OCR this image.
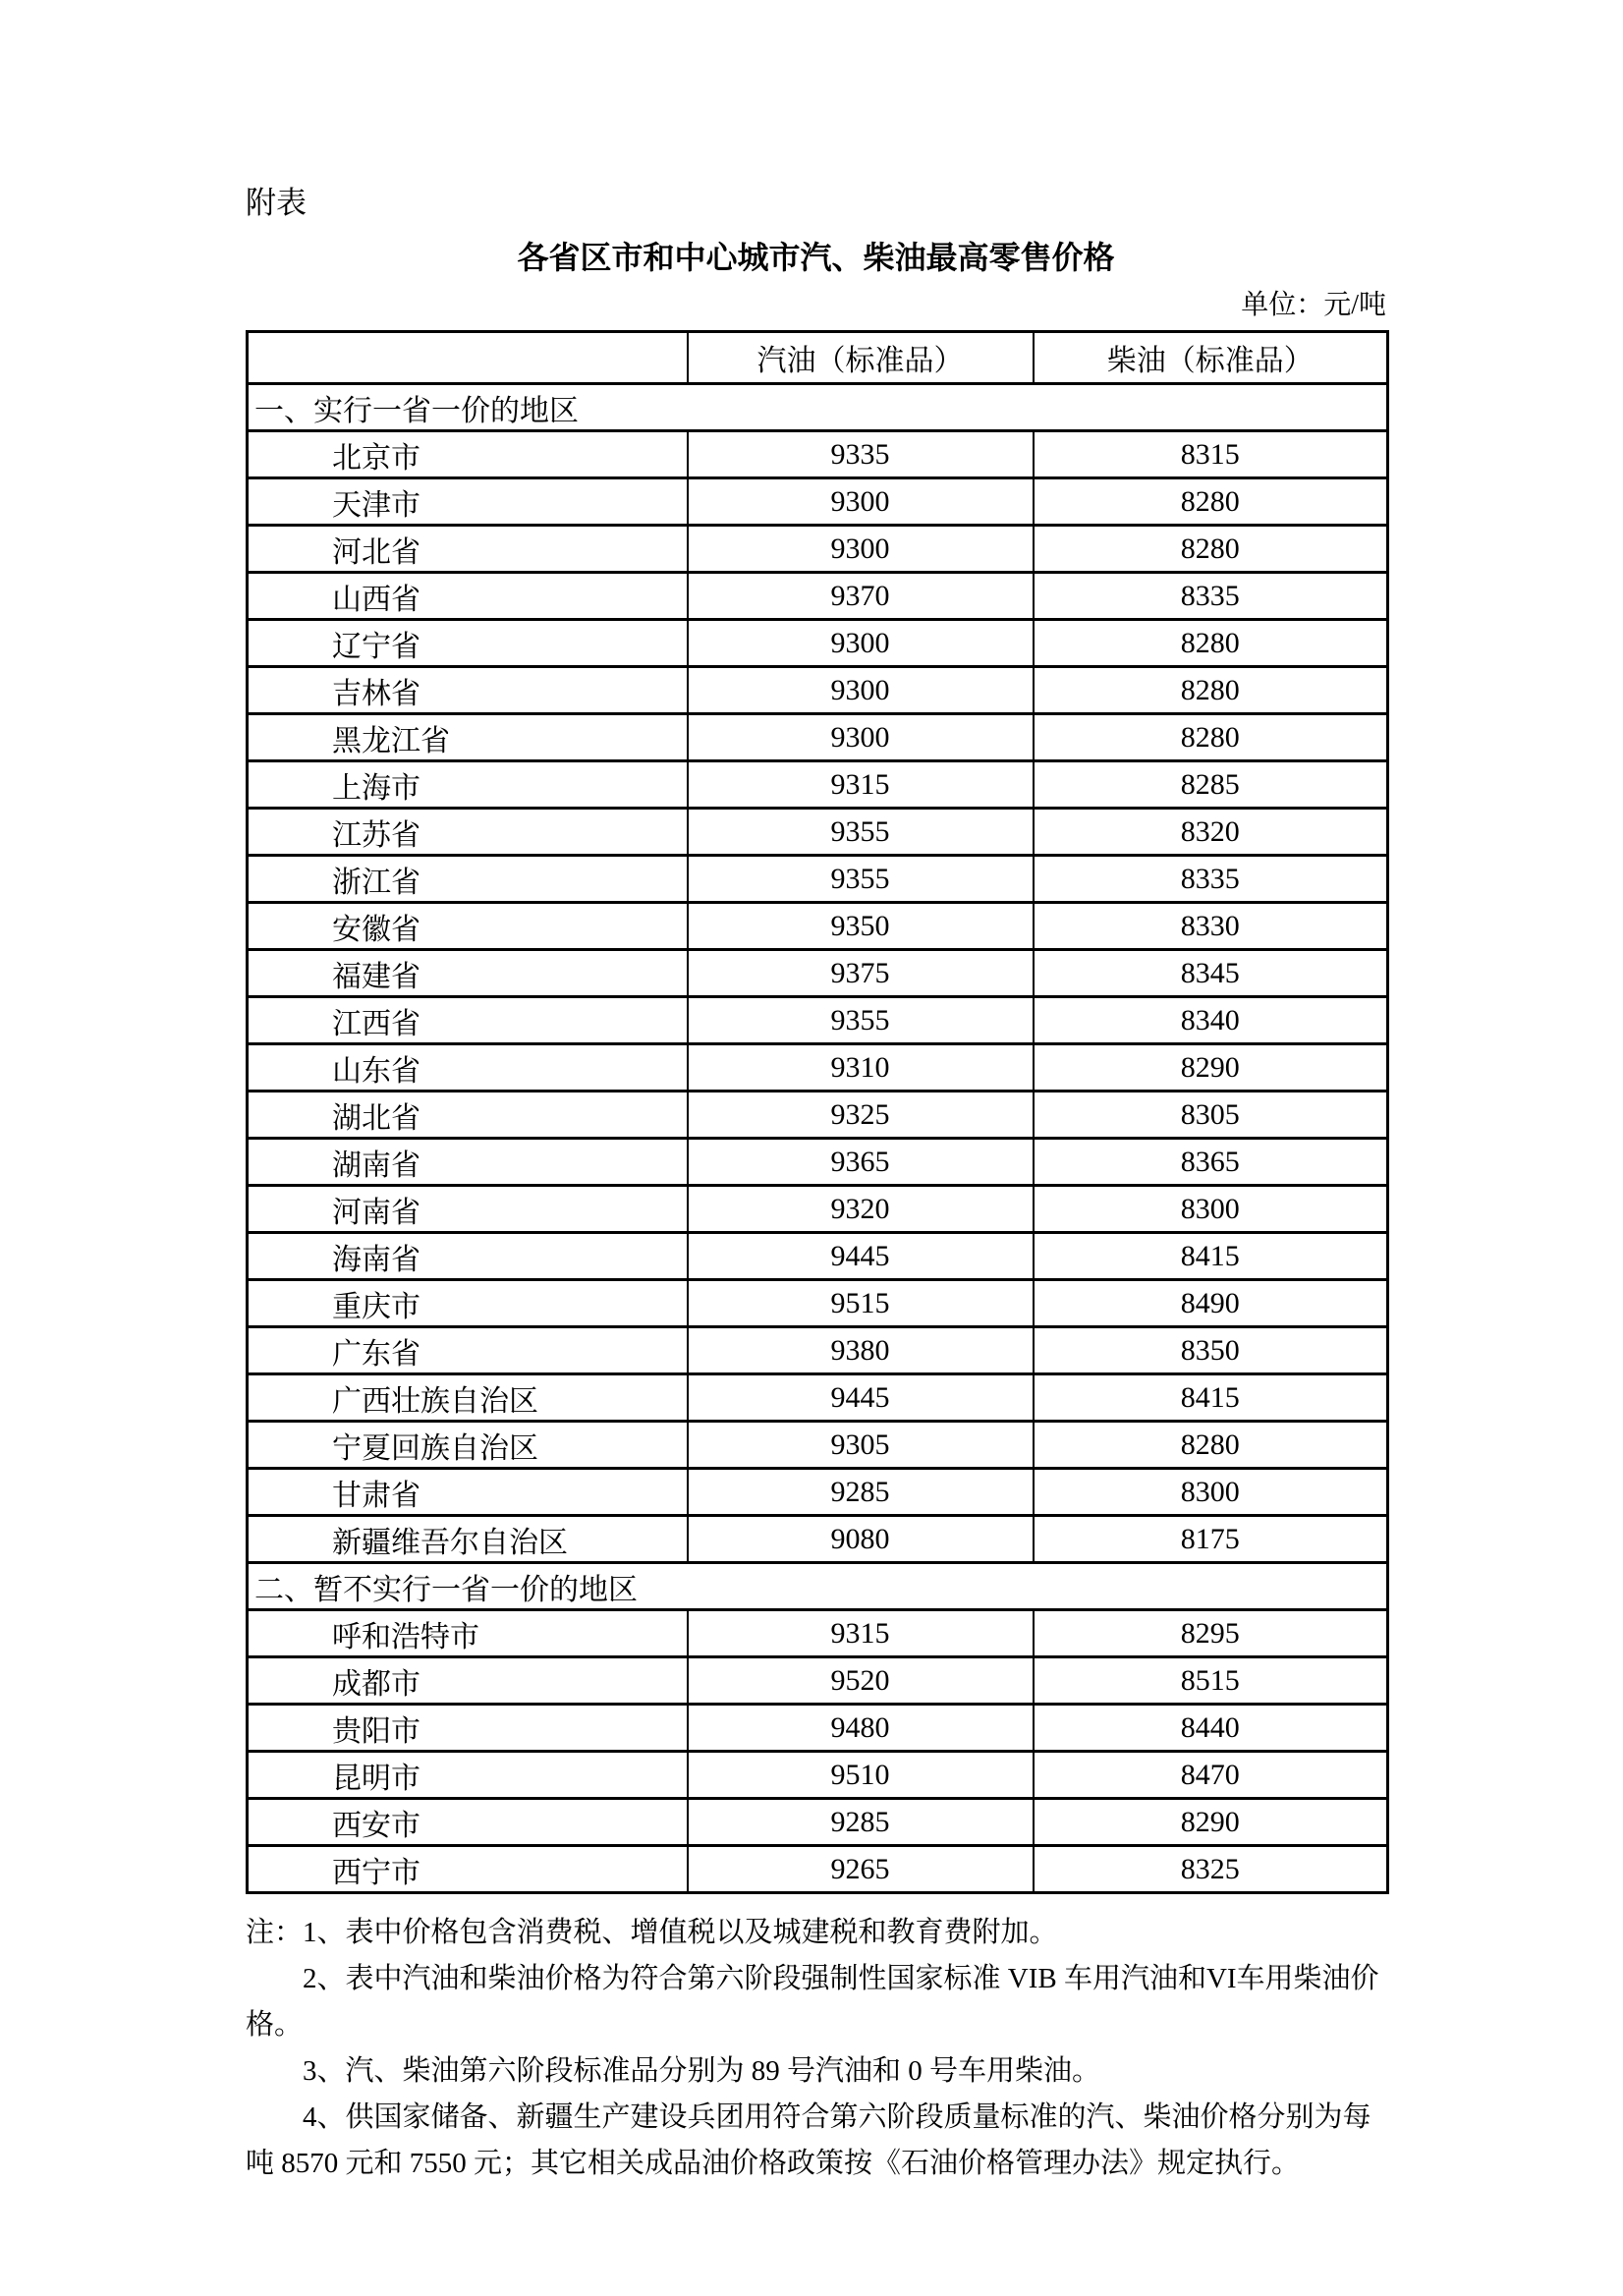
附表
各省区市和中心城市汽、柴油最高零售价格
单位：元/吨
	汽油（标准品）	柴油（标准品）
一、实行一省一价的地区		
北京市	9335	8315
天津市	9300	8280
河北省	9300	8280
山西省	9370	8335
辽宁省	9300	8280
吉林省	9300	8280
黑龙江省	9300	8280
上海市	9315	8285
江苏省	9355	8320
浙江省	9355	8335
安徽省	9350	8330
福建省	9375	8345
江西省	9355	8340
山东省	9310	8290
湖北省	9325	8305
湖南省	9365	8365
河南省	9320	8300
海南省	9445	8415
重庆市	9515	8490
广东省	9380	8350
广西壮族自治区	9445	8415
宁夏回族自治区	9305	8280
甘肃省	9285	8300
新疆维吾尔自治区	9080	8175
二、暂不实行一省一价的地区		
呼和浩特市	9315	8295
成都市	9520	8515
贵阳市	9480	8440
昆明市	9510	8470
西安市	9285	8290
西宁市	9265	8325

注：1、表中价格包含消费税、增值税以及城建税和教育费附加。

2、表中汽油和柴油价格为符合第六阶段强制性国家标准 VIB 车用汽油和VI车用柴油价格。

3、汽、柴油第六阶段标准品分别为 89 号汽油和 0 号车用柴油。

4、供国家储备、新疆生产建设兵团用符合第六阶段质量标准的汽、柴油价格分别为每吨 8570 元和 7550 元；其它相关成品油价格政策按《石油价格管理办法》规定执行。
